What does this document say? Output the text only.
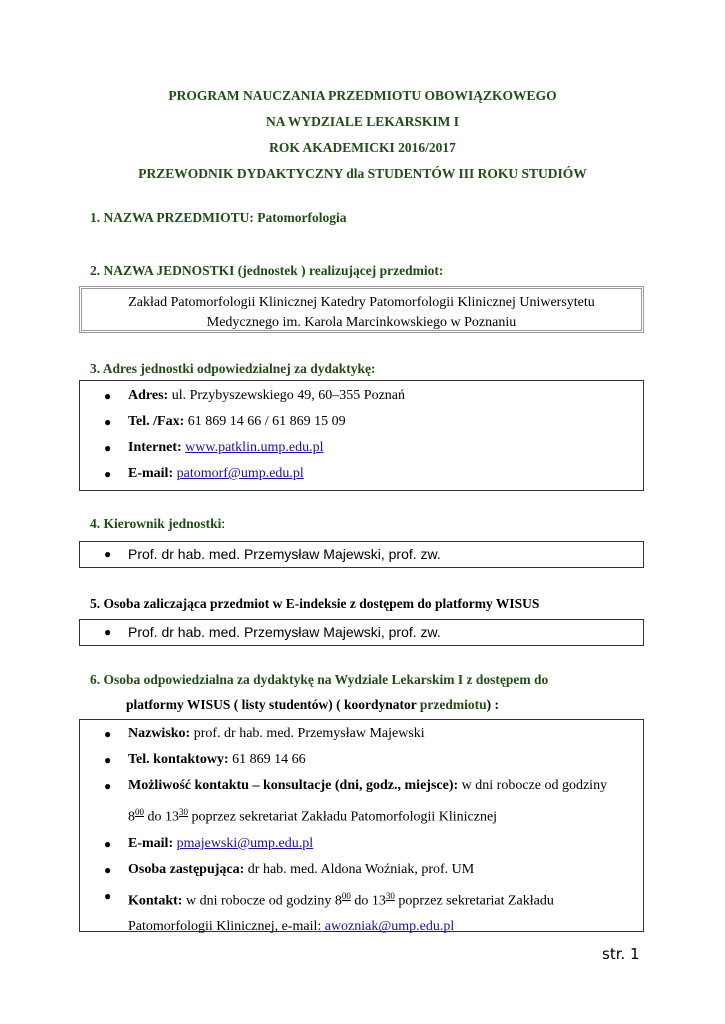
PROGRAM NAUCZANIA PRZEDMIOTU OBOWIĄZKOWEGO
NA WYDZIALE LEKARSKIM I
ROK AKADEMICKI 2016/2017
PRZEWODNIK DYDAKTYCZNY dla STUDENTÓW III ROKU STUDIÓW
1. NAZWA PRZEDMIOTU: Patomorfologia
2. NAZWA JEDNOSTKI (jednostek ) realizującej przedmiot:
Zakład Patomorfologii Klinicznej Katedry Patomorfologii Klinicznej Uniwersytetu
Medycznego im. Karola Marcinkowskiego w Poznaniu
3. Adres jednostki odpowiedzialnej za dydaktykę:
● Adres: ul. Przybyszewskiego 49, 60–355 Poznań
● Tel. /Fax: 61 869 14 66 / 61 869 15 09
● Internet: www.patklin.ump.edu.pl
● E-mail: patomorf@ump.edu.pl
4. Kierownik jednostki:
● Prof. dr hab. med. Przemysław Majewski, prof. zw.
5. Osoba zaliczająca przedmiot w E-indeksie z dostępem do platformy WISUS
● Prof. dr hab. med. Przemysław Majewski, prof. zw.
6. Osoba odpowiedzialna za dydaktykę na Wydziale Lekarskim I z dostępem do
platformy WISUS ( listy studentów) ( koordynator przedmiotu) :
● Nazwisko: prof. dr hab. med. Przemysław Majewski
● Tel. kontaktowy: 61 869 14 66
● Możliwość kontaktu – konsultacje (dni, godz., miejsce): w dni robocze od godziny
$8^{00}$ do $13^{30}$ poprzez sekretariat Zakładu Patomorfologii Klinicznej
● E-mail: pmajewski@ump.edu.pl
● Osoba zastępująca: dr hab. med. Aldona Woźniak, prof. UM
● Kontakt: w dni robocze od godziny $8^{00}$ do $13^{30}$ poprzez sekretariat Zakładu
Patomorfologii Klinicznej, e-mail: awozniak@ump.edu.pl
str. 1
